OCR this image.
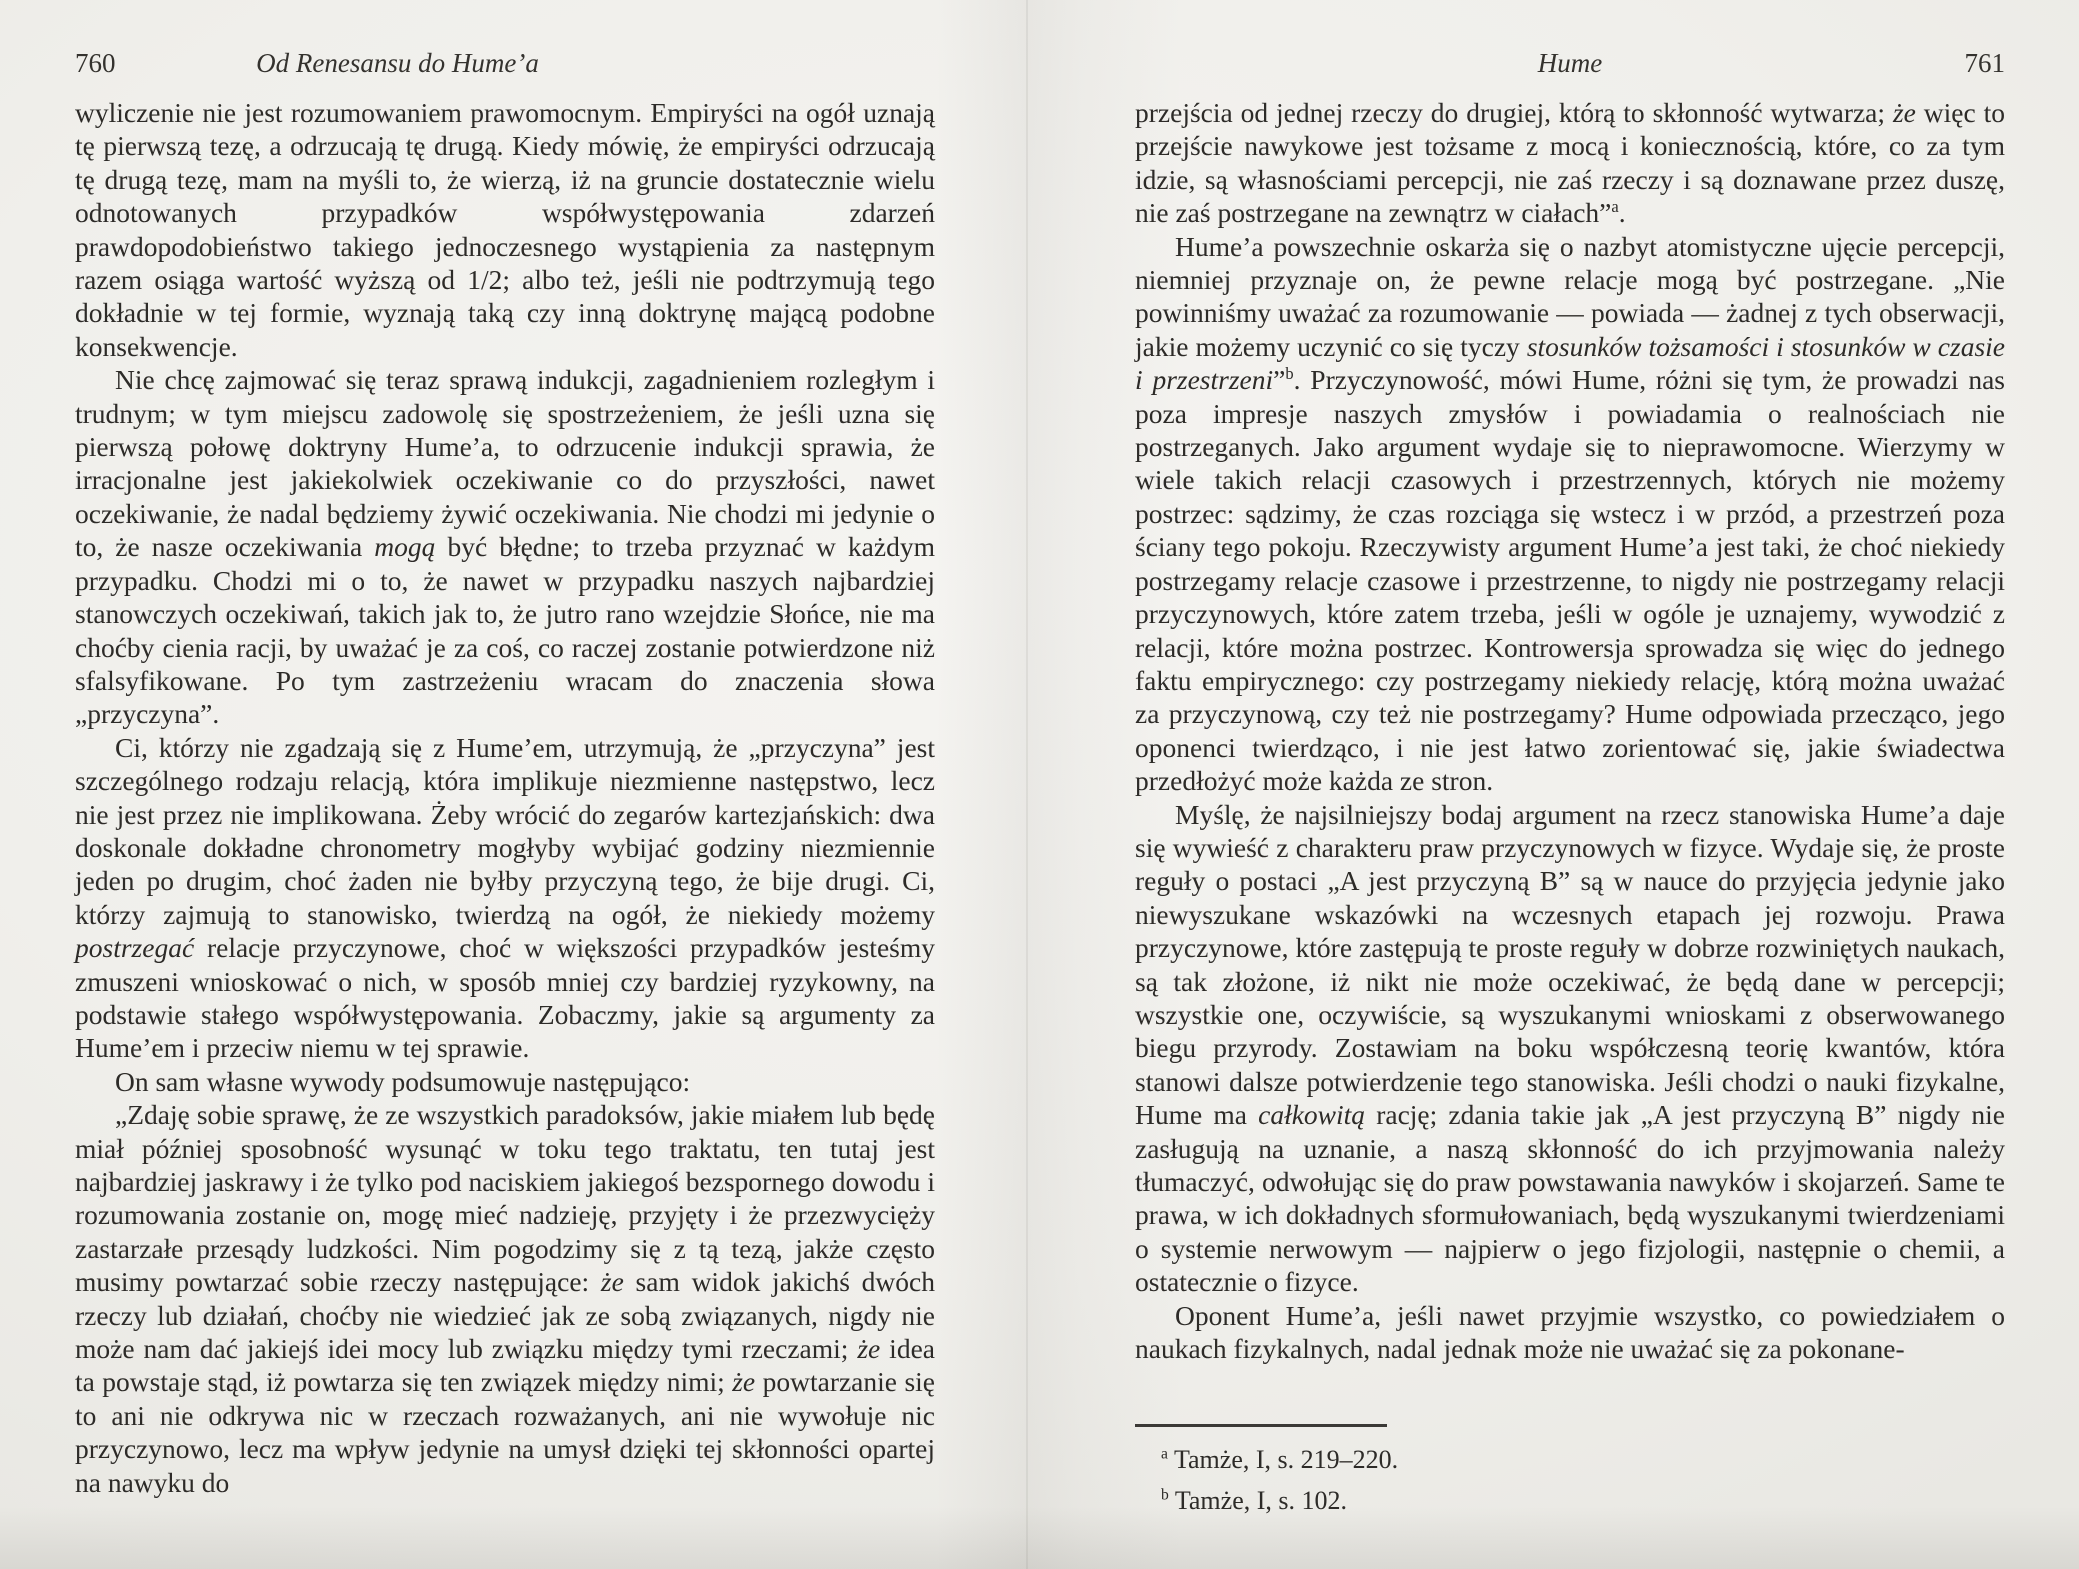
760	Od Renesansu do Hume’a

wyliczenie nie jest rozumowaniem prawomocnym. Empiryści na ogół uznają tę pierwszą tezę, a odrzucają tę drugą. Kiedy mówię, że empiryści odrzucają tę drugą tezę, mam na myśli to, że wierzą, iż na gruncie dostatecznie wielu odnotowanych przypadków współwystępowania zdarzeń prawdopodobieństwo takiego jednoczesnego wystąpienia za następnym razem osiąga wartość wyższą od 1/2; albo też, jeśli nie podtrzymują tego dokładnie w tej formie, wyznają taką czy inną doktrynę mającą podobne konsekwencje.

Nie chcę zajmować się teraz sprawą indukcji, zagadnieniem rozległym i trudnym; w tym miejscu zadowolę się spostrzeżeniem, że jeśli uzna się pierwszą połowę doktryny Hume’a, to odrzucenie indukcji sprawia, że irracjonalne jest jakiekolwiek oczekiwanie co do przyszłości, nawet oczekiwanie, że nadal będziemy żywić oczekiwania. Nie chodzi mi jedynie o to, że nasze oczekiwania mogą być błędne; to trzeba przyznać w każdym przypadku. Chodzi mi o to, że nawet w przypadku naszych najbardziej stanowczych oczekiwań, takich jak to, że jutro rano wzejdzie Słońce, nie ma choćby cienia racji, by uważać je za coś, co raczej zostanie potwierdzone niż sfalsyfikowane. Po tym zastrzeżeniu wracam do znaczenia słowa „przyczyna”.

Ci, którzy nie zgadzają się z Hume’em, utrzymują, że „przyczyna” jest szczególnego rodzaju relacją, która implikuje niezmienne następstwo, lecz nie jest przez nie implikowana. Żeby wrócić do zegarów kartezjańskich: dwa doskonale dokładne chronometry mogłyby wybijać godziny niezmiennie jeden po drugim, choć żaden nie byłby przyczyną tego, że bije drugi. Ci, którzy zajmują to stanowisko, twierdzą na ogół, że niekiedy możemy postrzegać relacje przyczynowe, choć w większości przypadków jesteśmy zmuszeni wnioskować o nich, w sposób mniej czy bardziej ryzykowny, na podstawie stałego współwystępowania. Zobaczmy, jakie są argumenty za Hume’em i przeciw niemu w tej sprawie.

On sam własne wywody podsumowuje następująco:

„Zdaję sobie sprawę, że ze wszystkich paradoksów, jakie miałem lub będę miał później sposobność wysunąć w toku tego traktatu, ten tutaj jest najbardziej jaskrawy i że tylko pod naciskiem jakiegoś bezspornego dowodu i rozumowania zostanie on, mogę mieć nadzieję, przyjęty i że przezwycięży zastarzałe przesądy ludzkości. Nim pogodzimy się z tą tezą, jakże często musimy powtarzać sobie rzeczy następujące: że sam widok jakichś dwóch rzeczy lub działań, choćby nie wiedzieć jak ze sobą związanych, nigdy nie może nam dać jakiejś idei mocy lub związku między tymi rzeczami; że idea ta powstaje stąd, iż powtarza się ten związek między nimi; że powtarzanie się to ani nie odkrywa nic w rzeczach rozważanych, ani nie wywołuje nic przyczynowo, lecz ma wpływ jedynie na umysł dzięki tej skłonności opartej na nawyku do

Hume	761

przejścia od jednej rzeczy do drugiej, którą to skłonność wytwarza; że więc to przejście nawykowe jest tożsame z mocą i koniecznością, które, co za tym idzie, są własnościami percepcji, nie zaś rzeczy i są doznawane przez duszę, nie zaś postrzegane na zewnątrz w ciałach”$^a$.

Hume’a powszechnie oskarża się o nazbyt atomistyczne ujęcie percepcji, niemniej przyznaje on, że pewne relacje mogą być postrzegane. „Nie powinniśmy uważać za rozumowanie — powiada — żadnej z tych obserwacji, jakie możemy uczynić co się tyczy stosunków tożsamości i stosunków w czasie i przestrzeni”$^b$. Przyczynowość, mówi Hume, różni się tym, że prowadzi nas poza impresje naszych zmysłów i powiadamia o realnościach nie postrzeganych. Jako argument wydaje się to nieprawomocne. Wierzymy w wiele takich relacji czasowych i przestrzennych, których nie możemy postrzec: sądzimy, że czas rozciąga się wstecz i w przód, a przestrzeń poza ściany tego pokoju. Rzeczywisty argument Hume’a jest taki, że choć niekiedy postrzegamy relacje czasowe i przestrzenne, to nigdy nie postrzegamy relacji przyczynowych, które zatem trzeba, jeśli w ogóle je uznajemy, wywodzić z relacji, które można postrzec. Kontrowersja sprowadza się więc do jednego faktu empirycznego: czy postrzegamy niekiedy relację, którą można uważać za przyczynową, czy też nie postrzegamy? Hume odpowiada przecząco, jego oponenci twierdząco, i nie jest łatwo zorientować się, jakie świadectwa przedłożyć może każda ze stron.

Myślę, że najsilniejszy bodaj argument na rzecz stanowiska Hume’a daje się wywieść z charakteru praw przyczynowych w fizyce. Wydaje się, że proste reguły o postaci „A jest przyczyną B” są w nauce do przyjęcia jedynie jako niewyszukane wskazówki na wczesnych etapach jej rozwoju. Prawa przyczynowe, które zastępują te proste reguły w dobrze rozwiniętych naukach, są tak złożone, iż nikt nie może oczekiwać, że będą dane w percepcji; wszystkie one, oczywiście, są wyszukanymi wnioskami z obserwowanego biegu przyrody. Zostawiam na boku współczesną teorię kwantów, która stanowi dalsze potwierdzenie tego stanowiska. Jeśli chodzi o nauki fizykalne, Hume ma całkowitą rację; zdania takie jak „A jest przyczyną B” nigdy nie zasługują na uznanie, a naszą skłonność do ich przyjmowania należy tłumaczyć, odwołując się do praw powstawania nawyków i skojarzeń. Same te prawa, w ich dokładnych sformułowaniach, będą wyszukanymi twierdzeniami o systemie nerwowym — najpierw o jego fizjologii, następnie o chemii, a ostatecznie o fizyce.

Oponent Hume’a, jeśli nawet przyjmie wszystko, co powiedziałem o naukach fizykalnych, nadal jednak może nie uważać się za pokonane-

$^a$ Tamże, I, s. 219–220.
$^b$ Tamże, I, s. 102.
